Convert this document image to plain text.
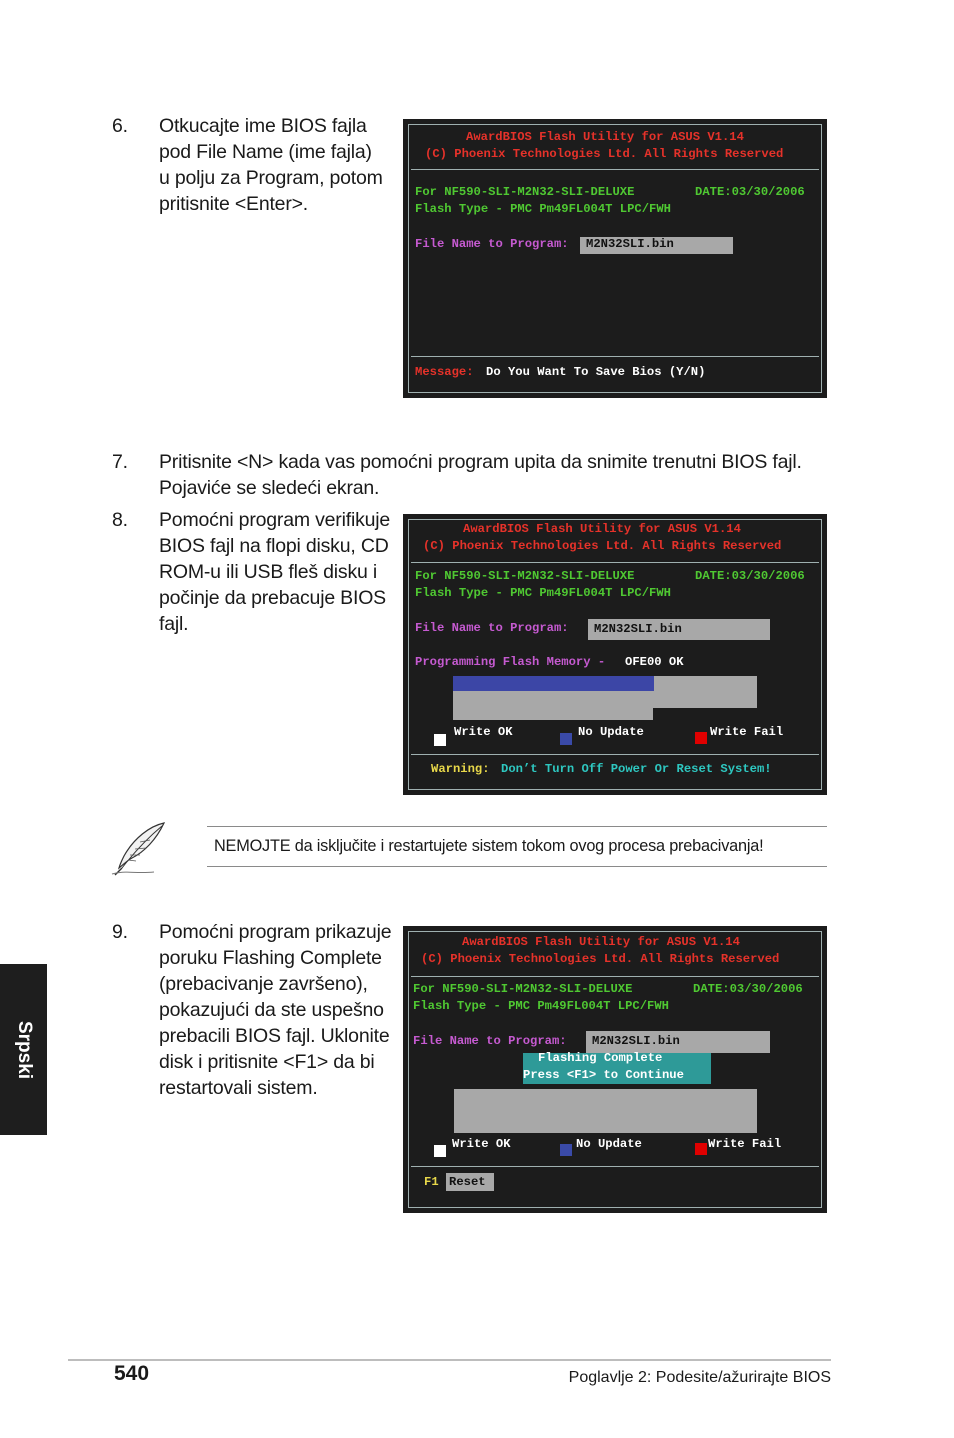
6. Otkucajte ime BIOS fajla
pod File Name (ime fajla)
u polju za Program, potom
pritisnite <Enter>.
AwardBIOS Flash Utility for ASUS V1.14
(C) Phoenix Technologies Ltd. All Rights Reserved
For NF590-SLI-M2N32-SLI-DELUXE	DATE:03/30/2006
Flash Type - PMC Pm49FL004T LPC/FWH
File Name to Program: M2N32SLI.bin
Message: Do You Want To Save Bios (Y/N)
7. Pritisnite <N> kada vas pomoćni program upita da snimite trenutni BIOS fajl.
Pojaviće se sledeći ekran.
8. Pomoćni program verifikuje
BIOS fajl na flopi disku, CD
ROM-u ili USB fleš disku i
počinje da prebacuje BIOS
fajl.
AwardBIOS Flash Utility for ASUS V1.14
(C) Phoenix Technologies Ltd. All Rights Reserved
For NF590-SLI-M2N32-SLI-DELUXE	DATE:03/30/2006
Flash Type - PMC Pm49FL004T LPC/FWH
File Name to Program: M2N32SLI.bin
Programming Flash Memory - OFE00 OK
Write OK	No Update	Write Fail
Warning: Don’t Turn Off Power Or Reset System!
NEMOJTE da isključite i restartujete sistem tokom ovog procesa prebacivanja!
Srpski
9. Pomoćni program prikazuje
poruku Flashing Complete
(prebacivanje završeno),
pokazujući da ste uspešno
prebacili BIOS fajl. Uklonite
disk i pritisnite <F1> da bi
restartovali sistem.
AwardBIOS Flash Utility for ASUS V1.14
(C) Phoenix Technologies Ltd. All Rights Reserved
For NF590-SLI-M2N32-SLI-DELUXE	DATE:03/30/2006
Flash Type - PMC Pm49FL004T LPC/FWH
File Name to Program: M2N32SLI.bin
Flashing Complete
Press <F1> to Continue
Write OK	No Update	Write Fail
F1 Reset
540	Poglavlje 2: Podesite/ažurirajte BIOS
